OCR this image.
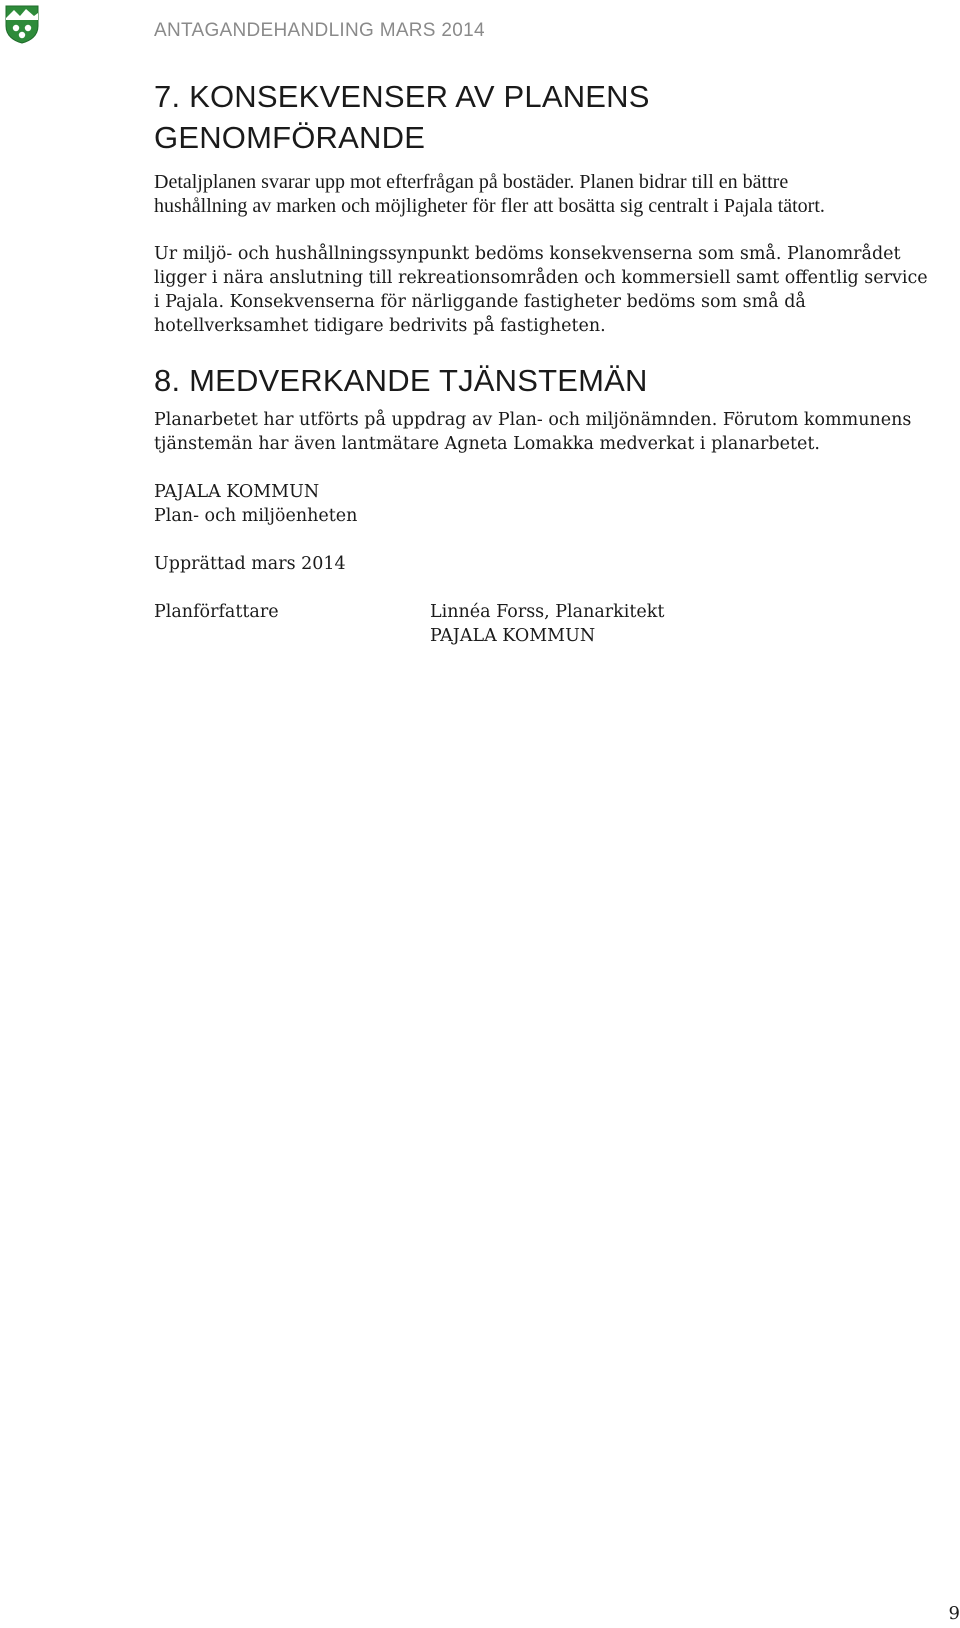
ANTAGANDEHANDLING MARS 2014

7. KONSEKVENSER AV PLANENS
GENOMFÖRANDE

Detaljplanen svarar upp mot efterfrågan på bostäder. Planen bidrar till en bättre
hushållning av marken och möjligheter för fler att bosätta sig centralt i Pajala tätort.

Ur miljö- och hushållningssynpunkt bedöms konsekvenserna som små. Planområdet
ligger i nära anslutning till rekreationsområden och kommersiell samt offentlig service
i Pajala. Konsekvenserna för närliggande fastigheter bedöms som små då
hotellverksamhet tidigare bedrivits på fastigheten.

8. MEDVERKANDE TJÄNSTEMÄN

Planarbetet har utförts på uppdrag av Plan- och miljönämnden. Förutom kommunens
tjänstemän har även lantmätare Agneta Lomakka medverkat i planarbetet.

PAJALA KOMMUN
Plan- och miljöenheten

Upprättad mars 2014

Planförfattare	Linnéa Forss, Planarkitekt
PAJALA KOMMUN

9
